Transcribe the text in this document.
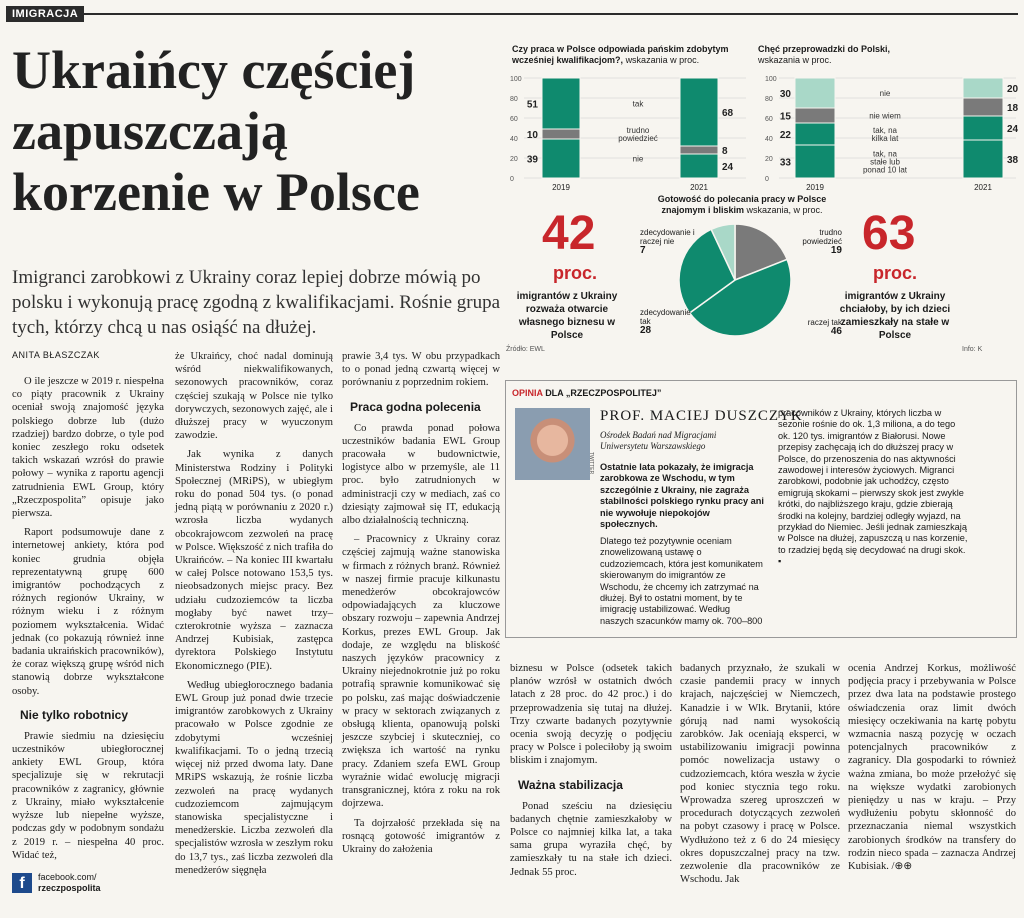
IMIGRACJA
Ukraińcy częściej
zapuszczają
korzenie w Polsce
Imigranci zarobkowi z Ukrainy coraz lepiej dobrze mówią po polsku i wykonują pracę zgodną z kwalifikacjami. Rośnie grupa tych, którzy chcą u nas osiąść na dłużej.
ANITA BŁASZCZAK
Czy praca w Polsce odpowiada pańskim zdobytym wcześniej kwalifikacjom?, wskazania w proc.
0
20
40
60
80
100
39
10
51
2019
24
8
68
2021
nie
trudno
powiedzieć
tak
Chęć przeprowadzki do Polski,
wskazania w proc.
0
20
40
60
80
100
33
22
15
30
2019
38
24
18
20
2021
tak, na
stałe lub
ponad 10 lat
tak, na
kilka lat
nie wiem
nie
42
proc.
imigrantów z Ukrainy rozważa otwarcie własnego biznesu w Polsce
Gotowość do polecania pracy w Polsce znajomym i bliskim wskazania, w proc. 63
proc.
imigrantów z Ukrainy chciałoby, by ich dzieci zamieszkały na stałe w Polsce
Źródło: EWL	Info: K

O ile jeszcze w 2019 r. niespełna co piąty pracownik z Ukrainy oceniał swoją znajomość języka polskiego dobrze lub (dużo rzadziej) bardzo dobrze, o tyle pod koniec zeszłego roku odsetek takich wskazań wzrósł do prawie połowy – wynika z raportu agencji zatrudnienia EWL Group, który „Rzeczpospolita” opisuje jako pierwsza.

Raport podsumowuje dane z internetowej ankiety, która pod koniec grudnia objęła reprezentatywną grupę 600 imigrantów pochodzących z różnych regionów Ukrainy, w różnym wieku i z różnym poziomem wykształcenia. Widać jednak (co pokazują również inne badania ukraińskich pracowników), że coraz większą grupę wśród nich stanowią dobrze wykształcone osoby.

Nie tylko robotnicy

Prawie siedmiu na dziesięciu uczestników ubiegłorocznej ankiety EWL Group, która specjalizuje się w rekrutacji pracowników z zagranicy, głównie z Ukrainy, miało wykształcenie wyższe lub niepełne wyższe, podczas gdy w podobnym sondażu z 2019 r. – niespełna 40 proc. Widać też,

że Ukraińcy, choć nadal dominują wśród niekwalifikowanych, sezonowych pracowników, coraz częściej szukają w Polsce nie tylko dorywczych, sezonowych zajęć, ale i dłuższej pracy w wyuczonym zawodzie.

Jak wynika z danych Ministerstwa Rodziny i Polityki Społecznej (MRiPS), w ubiegłym roku do ponad 504 tys. (o ponad jedną piątą w porównaniu z 2020 r.) wzrosła liczba wydanych obcokrajowcom zezwoleń na pracę w Polsce. Większość z nich trafiła do Ukraińców. – Na koniec III kwartału w całej Polsce notowano 153,5 tys. nieobsadzonych miejsc pracy. Bez udziału cudzoziemców ta liczba mogłaby być nawet trzy–czterokrotnie wyższa – zaznacza Andrzej Kubisiak, zastępca dyrektora Polskiego Instytutu Ekonomicznego (PIE).

Według ubiegłorocznego badania EWL Group już ponad dwie trzecie imigrantów zarobkowych z Ukrainy pracowało w Polsce zgodnie ze zdobytymi wcześniej kwalifikacjami. To o jedną trzecią więcej niż przed dwoma laty. Dane MRiPS wskazują, że rośnie liczba zezwoleń na pracę wydanych cudzoziemcom zajmującym stanowiska specjalistyczne i menedżerskie. Liczba zezwoleń dla specjalistów wzrosła w zeszłym roku do 13,7 tys., zaś liczba zezwoleń dla menedżerów sięgnęła

prawie 3,4 tys. W obu przypadkach to o ponad jedną czwartą więcej w porównaniu z poprzednim rokiem.

Praca godna polecenia

Co prawda ponad połowa uczestników badania EWL Group pracowała w budownictwie, logistyce albo w przemyśle, ale 11 proc. było zatrudnionych w administracji czy w mediach, zaś co dziesiąty zajmował się IT, edukacją albo działalnością techniczną.

– Pracownicy z Ukrainy coraz częściej zajmują ważne stanowiska w firmach z różnych branż. Również w naszej firmie pracuje kilkunastu menedżerów obcokrajowców odpowiadających za kluczowe obszary rozwoju – zapewnia Andrzej Korkus, prezes EWL Group. Jak dodaje, ze względu na bliskość naszych języków pracownicy z Ukrainy niejednokrotnie już po roku potrafią sprawnie komunikować się po polsku, zaś mając doświadczenie w pracy w sektorach związanych z obsługą klienta, opanowują polski jeszcze szybciej i skuteczniej, co zwiększa ich wartość na rynku pracy. Zdaniem szefa EWL Group wyraźnie widać ewolucję migracji transgranicznej, która z roku na rok dojrzewa.

Ta dojrzałość przekłada się na rosnącą gotowość imigrantów z Ukrainy do założenia

biznesu w Polsce (odsetek takich planów wzrósł w ostatnich dwóch latach z 28 proc. do 42 proc.) i do przeprowadzenia się tutaj na dłużej. Trzy czwarte badanych pozytywnie ocenia swoją decyzję o podjęciu pracy w Polsce i poleciłoby ją swoim bliskim i znajomym.

Ważna stabilizacja

Ponad sześciu na dziesięciu badanych chętnie zamieszkałoby w Polsce co najmniej kilka lat, a taka sama grupa wyraziła chęć, by zamieszkały tu na stałe ich dzieci. Jednak 55 proc.

badanych przyznało, że szukali w czasie pandemii pracy w innych krajach, najczęściej w Niemczech, Kanadzie i w Wlk. Brytanii, które górują nad nami wysokością zarobków. Jak oceniają eksperci, w ustabilizowaniu imigracji powinna pomóc nowelizacja ustawy o cudzoziemcach, która weszła w życie pod koniec stycznia tego roku. Wprowadza szereg uproszczeń w procedurach dotyczących zezwoleń na pobyt czasowy i pracę w Polsce. Wydłużono też z 6 do 24 miesięcy okres dopuszczalnej pracy na tzw. zezwolenie dla pracowników ze Wschodu. Jak

ocenia Andrzej Korkus, możliwość podjęcia pracy i przebywania w Polsce przez dwa lata na podstawie prostego oświadczenia oraz limit dwóch miesięcy oczekiwania na kartę pobytu wzmacnia naszą pozycję w oczach potencjalnych pracowników z zagranicy. Dla gospodarki to również ważna zmiana, bo może przełożyć się na większe wydatki zarobionych pieniędzy u nas w kraju. – Przy wydłużeniu pobytu skłonność do przeznaczania niemal wszystkich zarobionych środków na transfery do rodzin nieco spada – zaznacza Andrzej Kubisiak. /⊕⊕

OPINIA DLA „RZECZPOSPOLITEJ”
TWITTER
PROF. MACIEJ DUSZCZYK
Ośrodek Badań nad Migracjami Uniwersytetu Warszawskiego
Ostatnie lata pokazały, że imigracja zarobkowa ze Wschodu, w tym szczególnie z Ukrainy, nie zagraża stabilności polskiego rynku pracy ani nie wywołuje niepokojów społecznych.
Dlatego też pozytywnie oceniam znowelizowaną ustawę o cudzoziemcach, która jest komunikatem skierowanym do imigrantów ze Wschodu, że chcemy ich zatrzymać na dłużej. Był to ostatni moment, by te imigrację ustabilizować. Według naszych szacunków mamy ok. 700–800
pracowników z Ukrainy, których liczba w sezonie rośnie do ok. 1,3 miliona, a do tego ok. 120 tys. imigrantów z Białorusi. Nowe przepisy zachęcają ich do dłuższej pracy w Polsce, do przenoszenia do nas aktywności zawodowej i interesów życiowych. Migranci zarobkowi, podobnie jak uchodźcy, często emigrują skokami – pierwszy skok jest zwykle krótki, do najbliższego kraju, gdzie zbierają środki na kolejny, bardziej odległy wyjazd, na przykład do Niemiec. Jeśli jednak zamieszkają w Polsce na dłużej, zapuszczą u nas korzenie, to rzadziej będą się decydować na drugi skok. ▪
f	facebook.com/
rzeczpospolita
zdecydowanie i raczej nie
7
trudno powiedzieć
19
raczej tak
46
zdecydowanie tak
28
